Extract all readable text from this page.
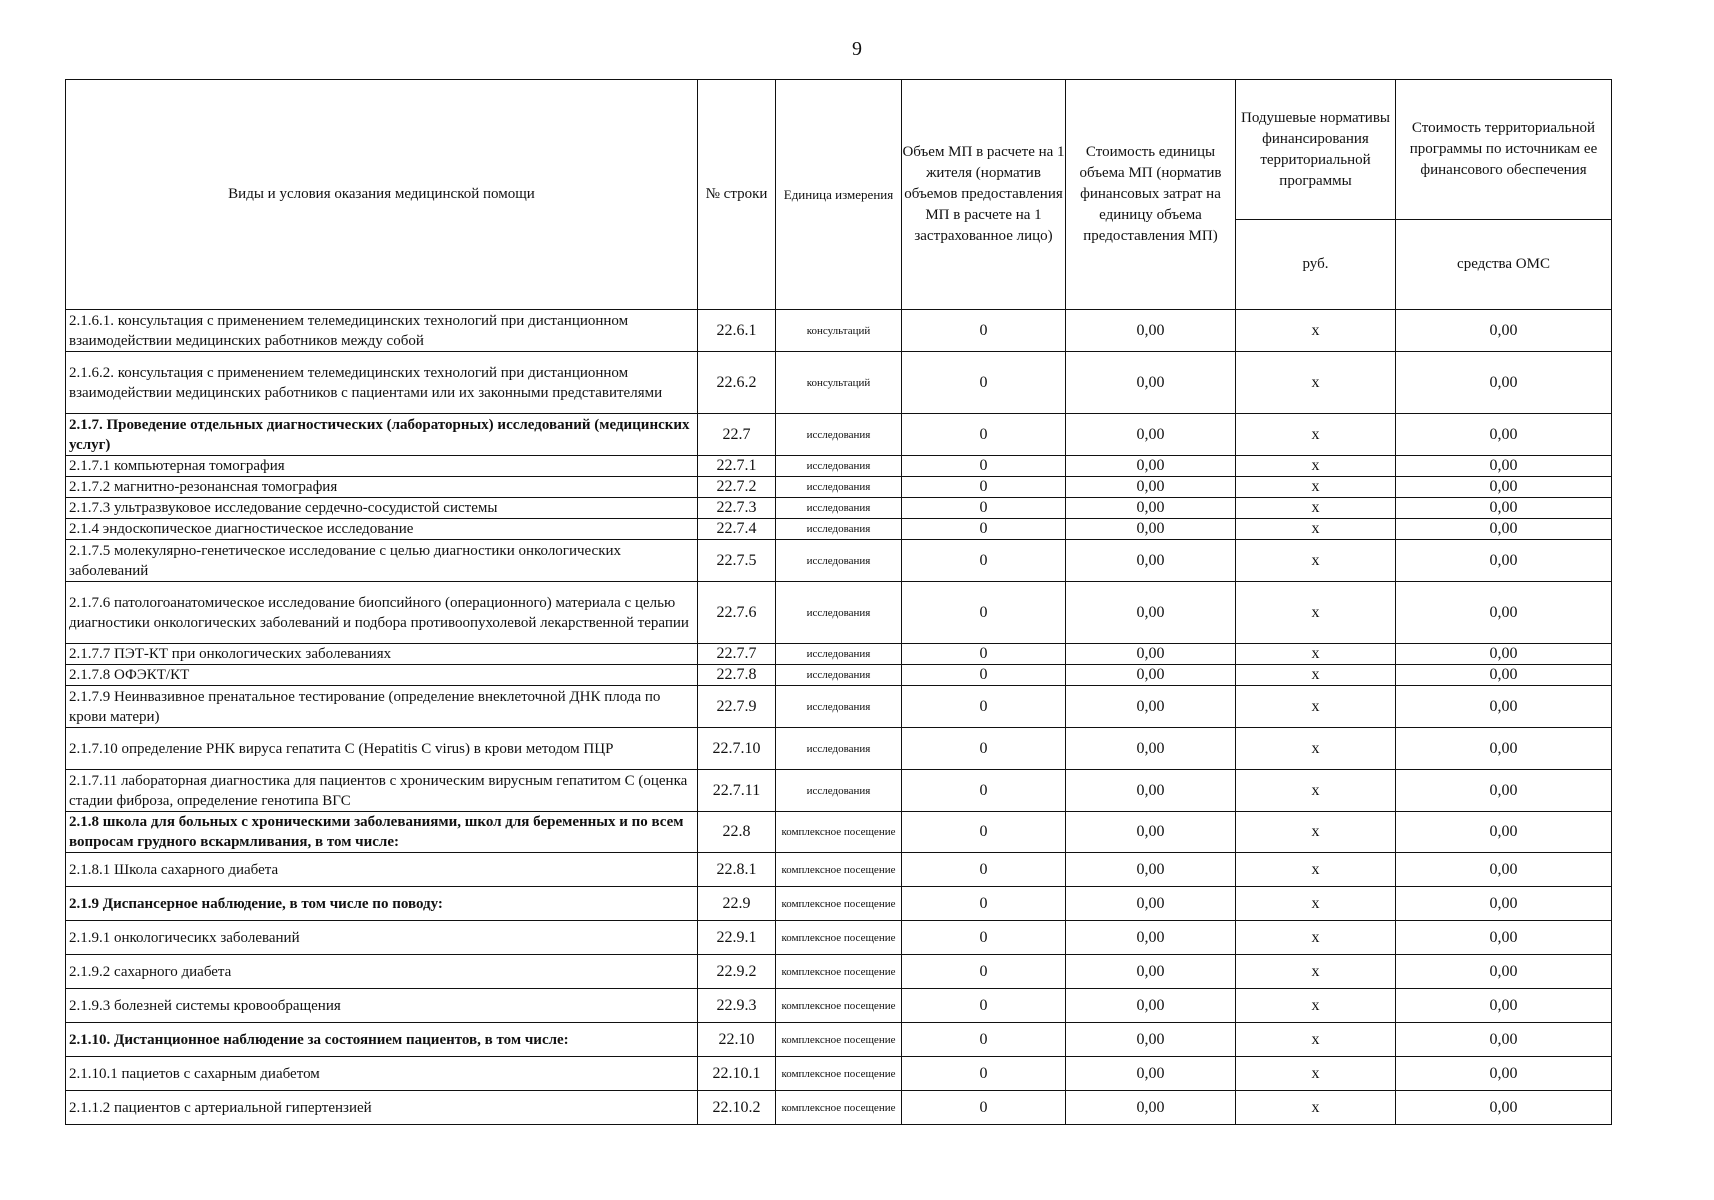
9
Виды и условия оказания медицинской помощи	№ строки	Единица измерения	Объем МП в расчете на 1 жителя (норматив объемов предоставления МП в расчете на 1 застрахованное лицо)	Стоимость единицы объема МП (норматив финансовых затрат на единицу объема предоставления МП)	Подушевые нормативы финансирования территориальной программы	Стоимость территориальной программы по источникам ее финансового обеспечения
					руб.	средства ОМС
2.1.6.1. консультация с применением телемедицинских технологий при дистанционном взаимодействии медицинских работников между собой	22.6.1	консультаций	0	0,00	х	0,00
2.1.6.2. консультация с применением телемедицинских технологий при дистанционном взаимодействии медицинских работников с пациентами или их законными представителями	22.6.2	консультаций	0	0,00	х	0,00
2.1.7. Проведение отдельных диагностических (лабораторных) исследований (медицинских услуг)	22.7	исследования	0	0,00	х	0,00
2.1.7.1 компьютерная томография	22.7.1	исследования	0	0,00	х	0,00
2.1.7.2 магнитно-резонансная томография	22.7.2	исследования	0	0,00	х	0,00
2.1.7.3 ультразвуковое исследование сердечно-сосудистой системы	22.7.3	исследования	0	0,00	х	0,00
2.1.4 эндоскопическое диагностическое исследование	22.7.4	исследования	0	0,00	х	0,00
2.1.7.5 молекулярно-генетическое исследование с целью диагностики онкологических заболеваний	22.7.5	исследования	0	0,00	х	0,00
2.1.7.6 патологоанатомическое исследование биопсийного (операционного) материала с целью диагностики онкологических заболеваний и подбора противоопухолевой лекарственной терапии	22.7.6	исследования	0	0,00	х	0,00
2.1.7.7 ПЭТ-КТ при онкологических заболеваниях	22.7.7	исследования	0	0,00	х	0,00
2.1.7.8 ОФЭКТ/КТ	22.7.8	исследования	0	0,00	х	0,00
2.1.7.9 Неинвазивное пренатальное тестирование (определение внеклеточной ДНК плода по крови матери)	22.7.9	исследования	0	0,00	х	0,00
2.1.7.10 определение РНК вируса гепатита С (Hepatitis C virus) в крови методом ПЦР	22.7.10	исследования	0	0,00	х	0,00
2.1.7.11 лабораторная диагностика для пациентов с хроническим вирусным гепатитом С (оценка стадии фиброза, определение генотипа ВГС	22.7.11	исследования	0	0,00	х	0,00
2.1.8 школа для больных с хроническими заболеваниями, школ для беременных и по всем вопросам грудного вскармливания, в том числе:	22.8	комплексное посещение	0	0,00	х	0,00
2.1.8.1 Школа сахарного диабета	22.8.1	комплексное посещение	0	0,00	х	0,00
2.1.9 Диспансерное наблюдение, в том числе по поводу:	22.9	комплексное посещение	0	0,00	х	0,00
2.1.9.1 онкологичесикх заболеваний	22.9.1	комплексное посещение	0	0,00	х	0,00
2.1.9.2 сахарного диабета	22.9.2	комплексное посещение	0	0,00	х	0,00
2.1.9.3 болезней системы кровообращения	22.9.3	комплексное посещение	0	0,00	х	0,00
2.1.10. Дистанционное наблюдение за состоянием пациентов, в том числе:	22.10	комплексное посещение	0	0,00	х	0,00
2.1.10.1 пациетов с сахарным диабетом	22.10.1	комплексное посещение	0	0,00	х	0,00
2.1.1.2 пациентов с артериальной гипертензией	22.10.2	комплексное посещение	0	0,00	х	0,00
